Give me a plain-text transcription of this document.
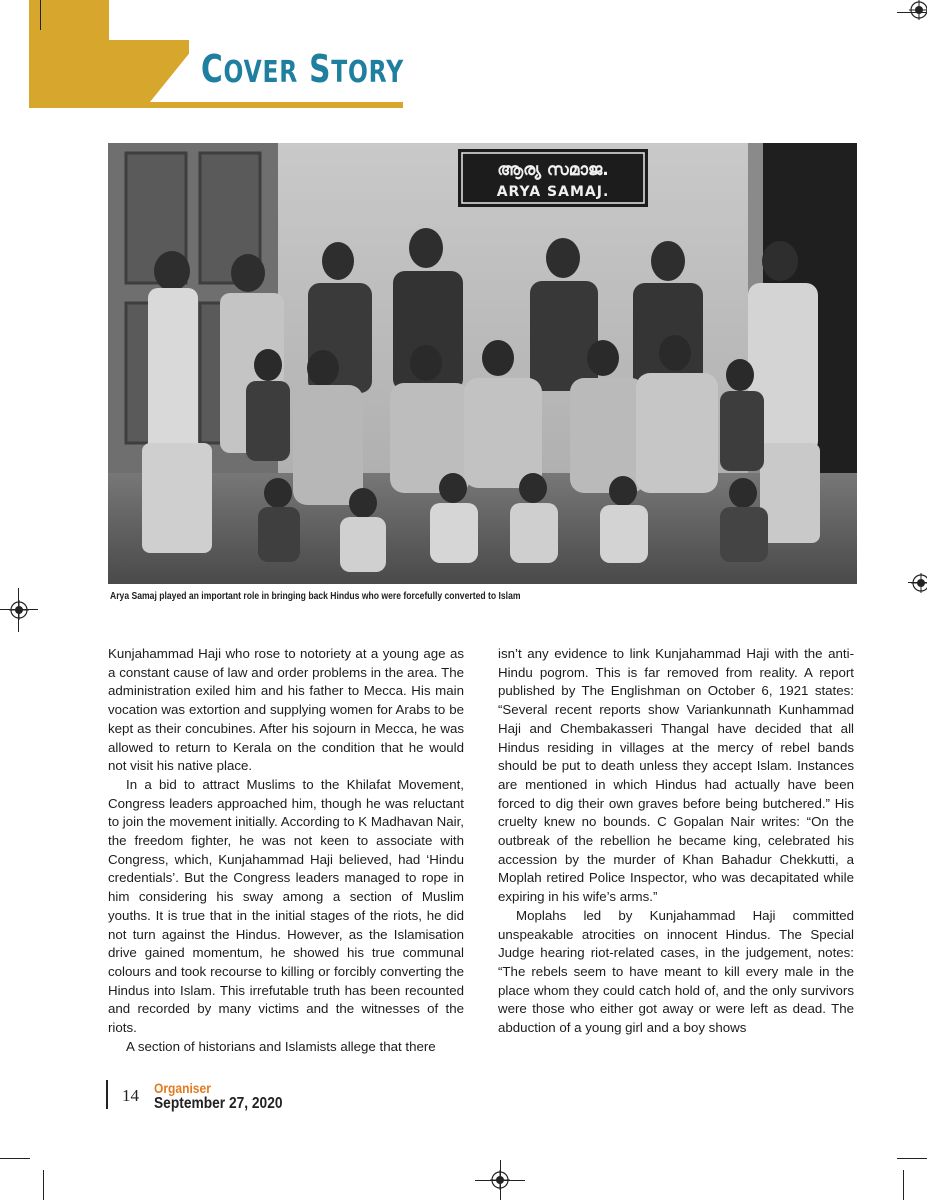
COVER STORY
ആര്യ സമാജ.
ARYA SAMAJ.
Arya Samaj played an important role in bringing back Hindus who were forcefully converted to Islam

Kunjahammad Haji who rose to notoriety at a young age as a constant cause of law and order problems in the area. The administration exiled him and his father to Mecca. His main vocation was extortion and supplying women for Arabs to be kept as their concubines. After his sojourn in Mecca, he was allowed to return to Kerala on the condition that he would not visit his native place.

In a bid to attract Muslims to the Khilafat Movement, Congress leaders approached him, though he was reluctant to join the movement initially. According to K Madhavan Nair, the freedom fighter, he was not keen to associate with Congress, which, Kunjahammad Haji believed, had ‘Hindu credentials’. But the Congress leaders managed to rope in him considering his sway among a section of Muslim youths. It is true that in the initial stages of the riots, he did not turn against the Hindus. However, as the Islamisation drive gained momentum, he showed his true communal colours and took recourse to killing or forcibly converting the Hindus into Islam. This irrefutable truth has been recounted and recorded by many victims and the witnesses of the riots.

A section of historians and Islamists allege that there

isn’t any evidence to link Kunjahammad Haji with the anti-Hindu pogrom. This is far removed from reality. A report published by The Englishman on October 6, 1921 states: “Several recent reports show Variankunnath Kunhammad Haji and Chembakasseri Thangal have decided that all Hindus residing in villages at the mercy of rebel bands should be put to death unless they accept Islam. Instances are mentioned in which Hindus had actually have been forced to dig their own graves before being butchered.” His cruelty knew no bounds. C Gopalan Nair writes: “On the outbreak of the rebellion he became king, celebrated his accession by the murder of Khan Bahadur Chekkutti, a Moplah retired Police Inspector, who was decapitated while expiring in his wife’s arms.”

Moplahs led by Kunjahammad Haji committed unspeakable atrocities on innocent Hindus. The Special Judge hearing riot-related cases, in the judgement, notes: “The rebels seem to have meant to kill every male in the place whom they could catch hold of, and the only survivors were those who either got away or were left as dead. The abduction of a young girl and a boy shows

14 Organiser
September 27, 2020
